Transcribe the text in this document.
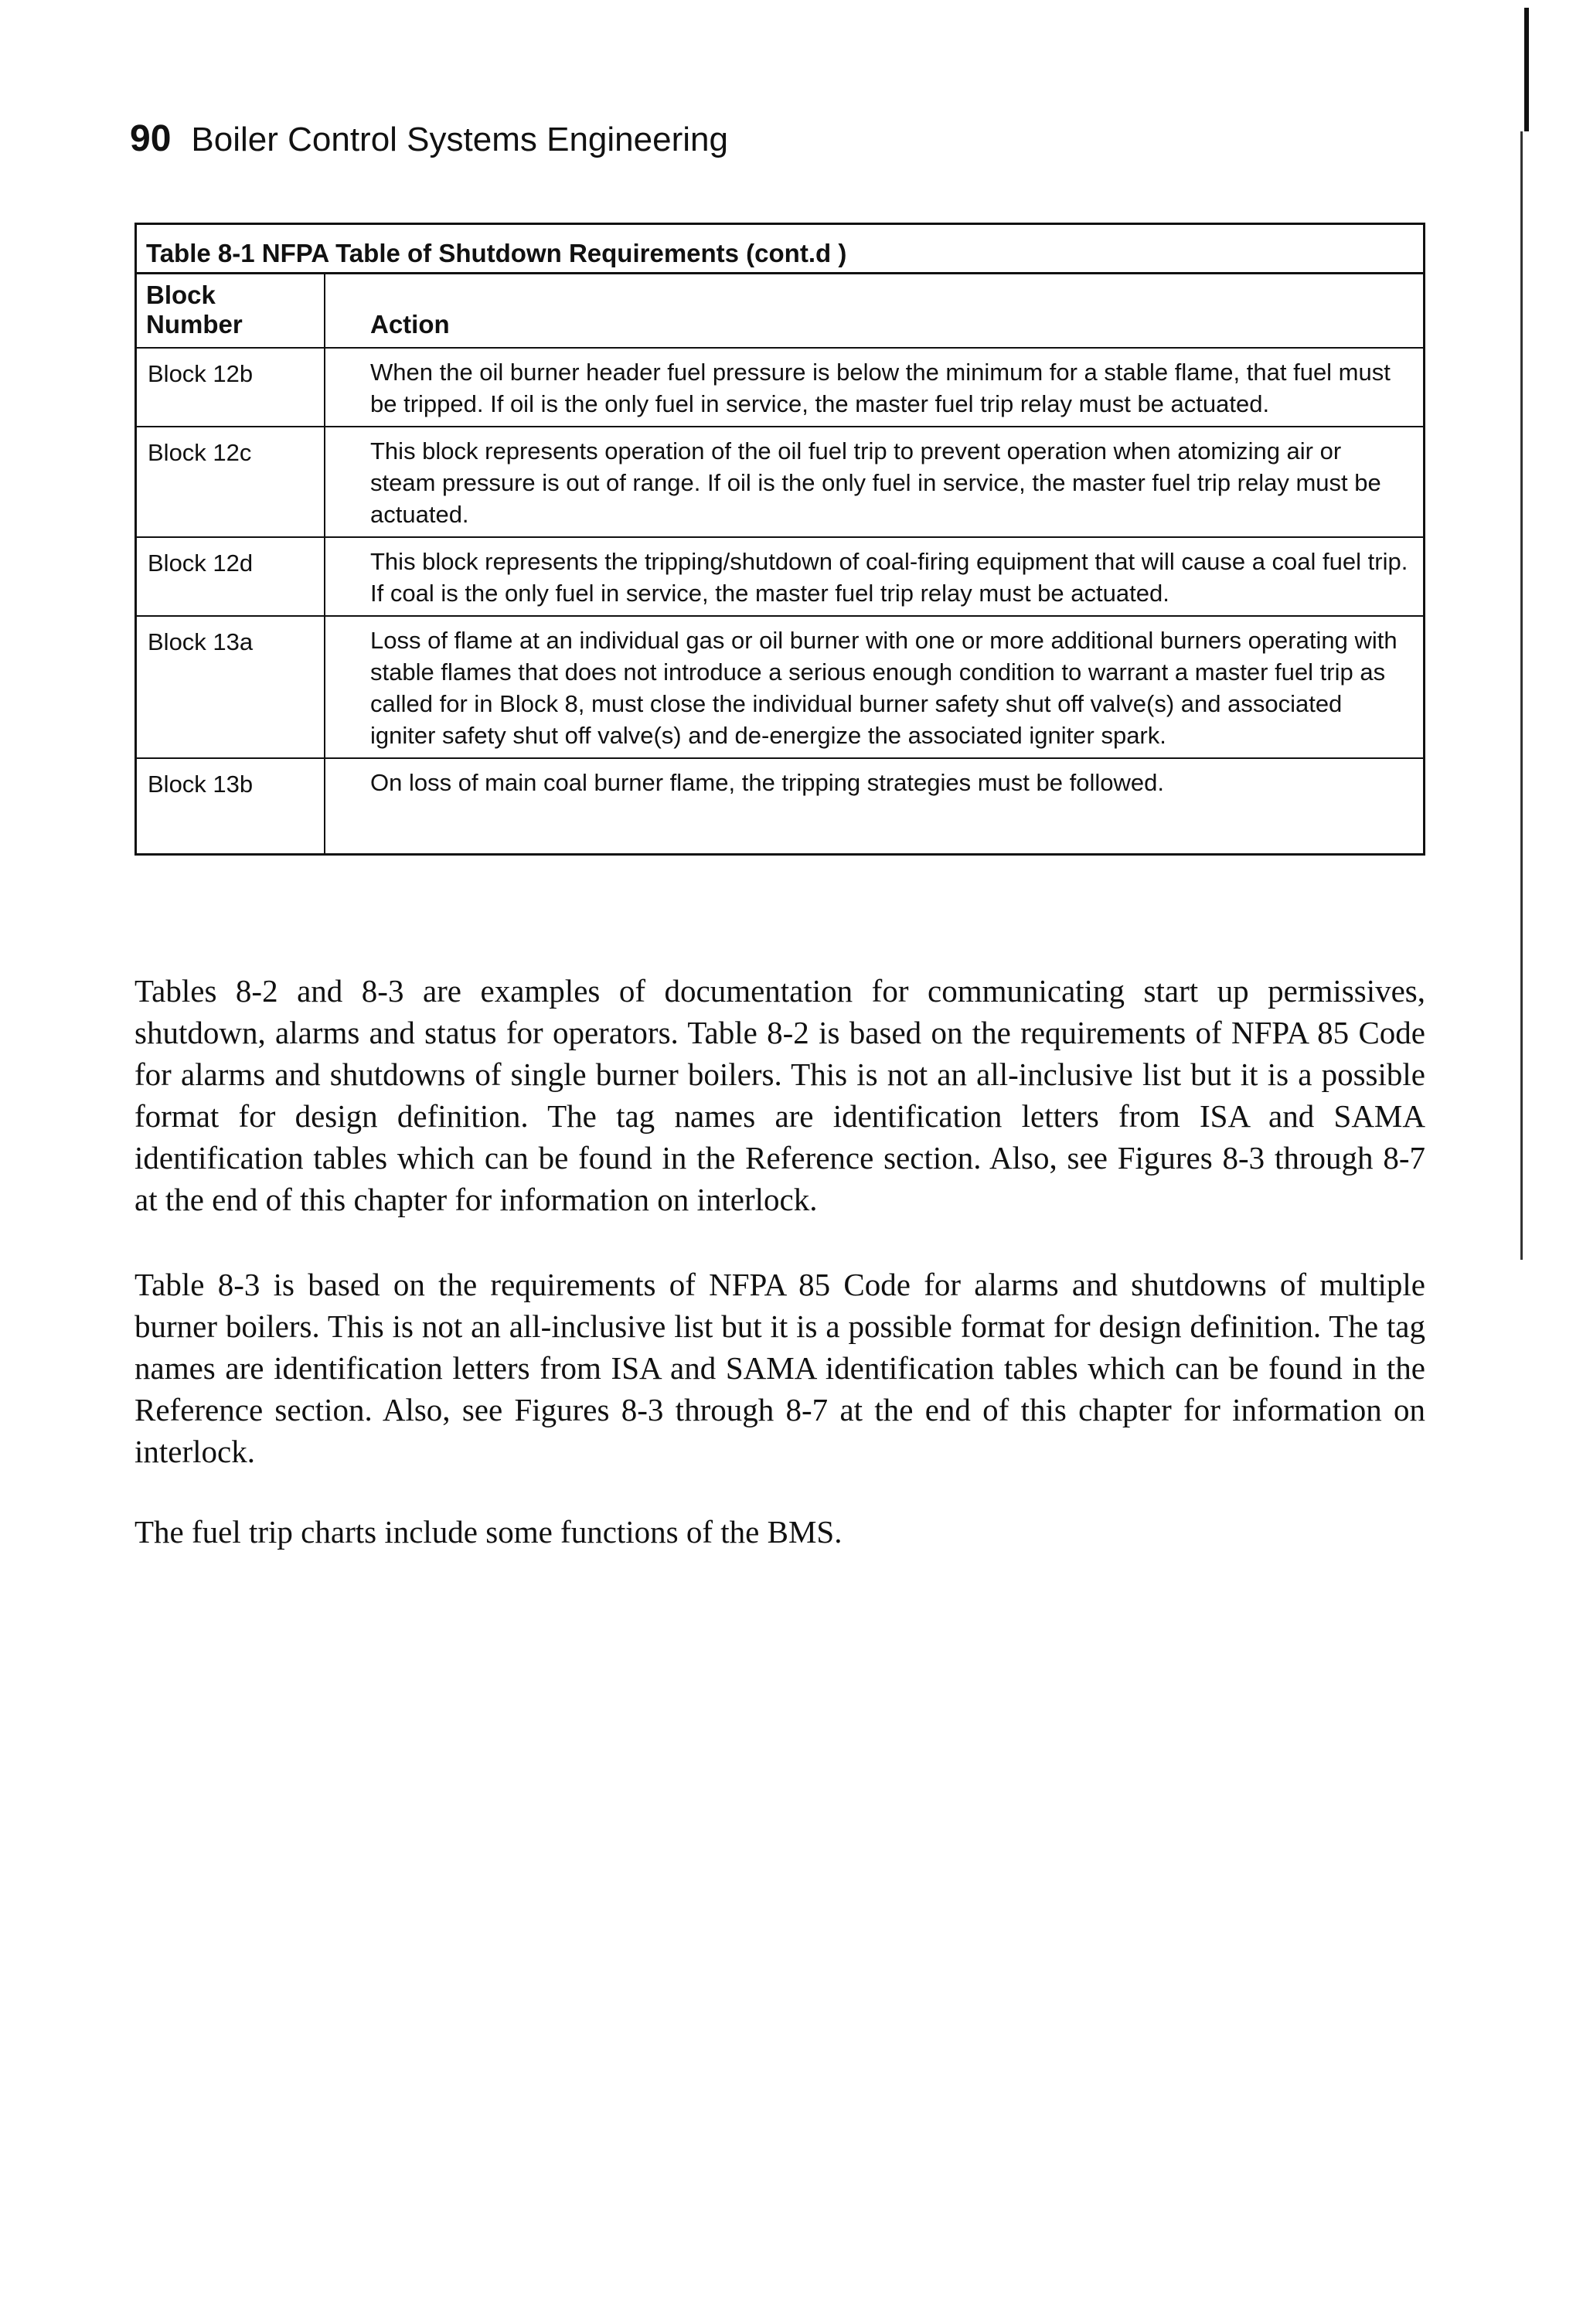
90 Boiler Control Systems Engineering
Table 8-1 NFPA Table of Shutdown Requirements (cont.d )	
Block Number	Action
Block 12b	When the oil burner header fuel pressure is below the minimum for a stable flame, that fuel must be tripped. If oil is the only fuel in service, the master fuel trip relay must be actuated.
Block 12c	This block represents operation of the oil fuel trip to prevent operation when atomizing air or steam pressure is out of range. If oil is the only fuel in service, the master fuel trip relay must be actuated.
Block 12d	This block represents the tripping/shutdown of coal-firing equipment that will cause a coal fuel trip. If coal is the only fuel in service, the master fuel trip relay must be actuated.
Block 13a	Loss of flame at an individual gas or oil burner with one or more additional burners operating with stable flames that does not introduce a serious enough condition to warrant a master fuel trip as called for in Block 8, must close the individual burner safety shut off valve(s) and associated igniter safety shut off valve(s) and de-energize the associated igniter spark.
Block 13b	On loss of main coal burner flame, the tripping strategies must be followed.

Tables 8-2 and 8-3 are examples of documentation for communicating start up permissives, shutdown, alarms and status for operators. Table 8-2 is based on the requirements of NFPA 85 Code for alarms and shutdowns of single burner boilers. This is not an all-inclusive list but it is a possible format for design definition. The tag names are identification letters from ISA and SAMA identification tables which can be found in the Reference section. Also, see Figures 8-3 through 8-7 at the end of this chapter for information on interlock.

Table 8-3 is based on the requirements of NFPA 85 Code for alarms and shutdowns of multiple burner boilers. This is not an all-inclusive list but it is a possible format for design definition. The tag names are identification letters from ISA and SAMA identification tables which can be found in the Reference section. Also, see Figures 8-3 through 8-7 at the end of this chapter for information on interlock.

The fuel trip charts include some functions of the BMS.
